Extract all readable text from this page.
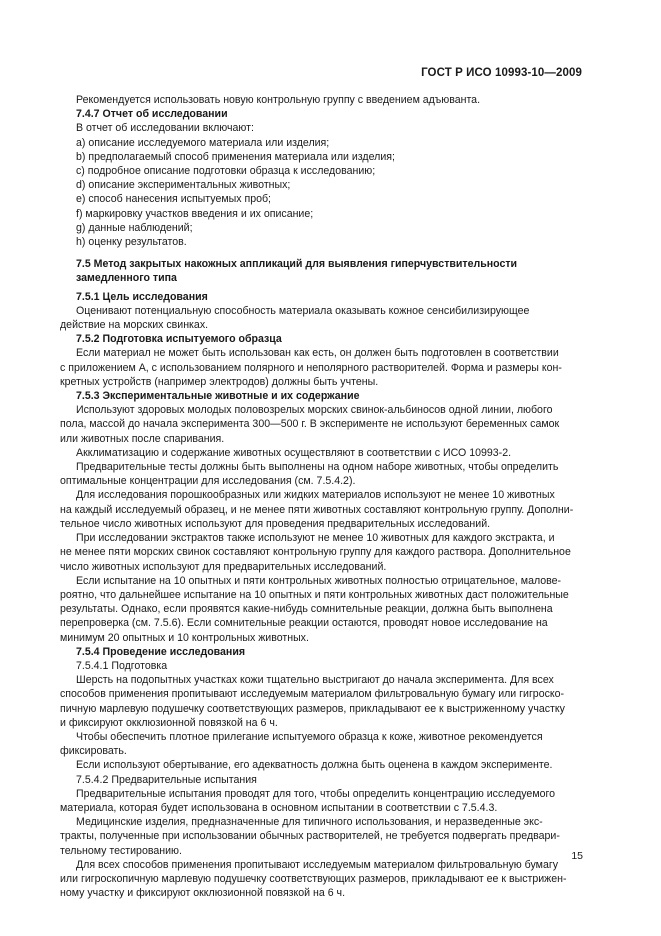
ГОСТ Р ИСО 10993-10—2009

Рекомендуется использовать новую контрольную группу с введением адъюванта.

7.4.7 Отчет об исследовании

В отчет об исследовании включают:

a) описание исследуемого материала или изделия;

b) предполагаемый способ применения материала или изделия;

c) подробное описание подготовки образца к исследованию;

d) описание экспериментальных животных;

e) способ нанесения испытуемых проб;

f) маркировку участков введения и их описание;

g) данные наблюдений;

h) оценку результатов.

7.5 Метод закрытых накожных аппликаций для выявления гиперчувствительности

замедленного типа

7.5.1 Цель исследования

Оценивают потенциальную способность материала оказывать кожное сенсибилизирующее

действие на морских свинках.

7.5.2 Подготовка испытуемого образца

Если материал не может быть использован как есть, он должен быть подготовлен в соответствии

с приложением А, с использованием полярного и неполярного растворителей. Форма и размеры кон-

кретных устройств (например электродов) должны быть учтены.

7.5.3 Экспериментальные животные и их содержание

Используют здоровых молодых половозрелых морских свинок-альбиносов одной линии, любого

пола, массой до начала эксперимента 300—500 г. В эксперименте не используют беременных самок

или животных после спаривания.

Акклиматизацию и содержание животных осуществляют в соответствии с ИСО 10993-2.

Предварительные тесты должны быть выполнены на одном наборе животных, чтобы определить

оптимальные концентрации для исследования (см. 7.5.4.2).

Для исследования порошкообразных или жидких материалов используют не менее 10 животных

на каждый исследуемый образец, и не менее пяти животных составляют контрольную группу. Дополни-

тельное число животных используют для проведения предварительных исследований.

При исследовании экстрактов также используют не менее 10 животных для каждого экстракта, и

не менее пяти морских свинок составляют контрольную группу для каждого раствора. Дополнительное

число животных используют для предварительных исследований.

Если испытание на 10 опытных и пяти контрольных животных полностью отрицательное, малове-

роятно, что дальнейшее испытание на 10 опытных и пяти контрольных животных даст положительные

результаты. Однако, если проявятся какие-нибудь сомнительные реакции, должна быть выполнена

перепроверка (см. 7.5.6). Если сомнительные реакции остаются, проводят новое исследование на

минимум 20 опытных и 10 контрольных животных.

7.5.4 Проведение исследования

7.5.4.1 Подготовка

Шерсть на подопытных участках кожи тщательно выстригают до начала эксперимента. Для всех

способов применения пропитывают исследуемым материалом фильтровальную бумагу или гигроско-

пичную марлевую подушечку соответствующих размеров, прикладывают ее к выстриженному участку

и фиксируют окклюзионной повязкой на 6 ч.

Чтобы обеспечить плотное прилегание испытуемого образца к коже, животное рекомендуется

фиксировать.

Если используют обертывание, его адекватность должна быть оценена в каждом эксперименте.

7.5.4.2 Предварительные испытания

Предварительные испытания проводят для того, чтобы определить концентрацию исследуемого

материала, которая будет использована в основном испытании в соответствии с 7.5.4.3.

Медицинские изделия, предназначенные для типичного использования, и неразведенные экс-

тракты, полученные при использовании обычных растворителей, не требуется подвергать предвари-

тельному тестированию.

Для всех способов применения пропитывают исследуемым материалом фильтровальную бумагу

или гигроскопичную марлевую подушечку соответствующих размеров, прикладывают ее к выстрижен-

ному участку и фиксируют окклюзионной повязкой на 6 ч.

15
